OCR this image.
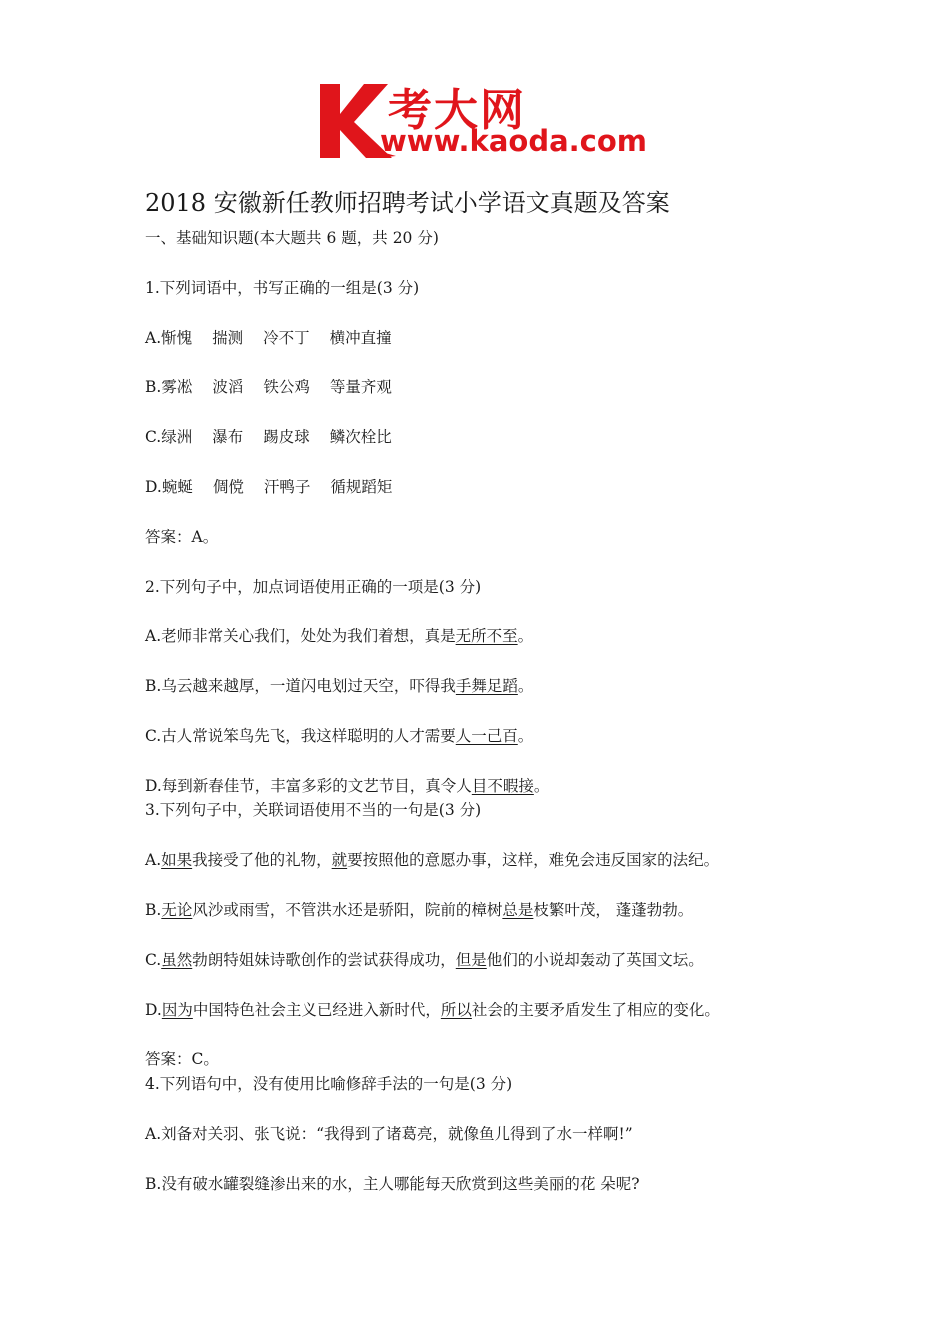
考大网
www.kaoda.com
2018 安徽新任教师招聘考试小学语文真题及答案
一、基础知识题(本大题共 6 题，共 20 分)
1.下列词语中，书写正确的一组是(3 分)
A.惭愧 揣测 冷不丁 横冲直撞
B.雾凇 波滔 铁公鸡 等量齐观
C.绿洲 瀑布 踢皮球 鳞次栓比
D.蜿蜒 倜傥 汗鸭子 循规蹈矩
答案：A。
2.下列句子中，加点词语使用正确的一项是(3 分)
A.老师非常关心我们，处处为我们着想，真是无所不至。
B.乌云越来越厚，一道闪电划过天空，吓得我手舞足蹈。
C.古人常说笨鸟先飞，我这样聪明的人才需要人一己百。
D.每到新春佳节，丰富多彩的文艺节目，真令人目不暇接。
3.下列句子中，关联词语使用不当的一句是(3 分)
A.如果我接受了他的礼物，就要按照他的意愿办事，这样，难免会违反国家的法纪。
B.无论风沙或雨雪，不管洪水还是骄阳，院前的樟树总是枝繁叶茂， 蓬蓬勃勃。
C.虽然勃朗特姐妹诗歌创作的尝试获得成功，但是他们的小说却轰动了英国文坛。
D.因为中国特色社会主义已经进入新时代，所以社会的主要矛盾发生了相应的变化。
答案：C。
4.下列语句中，没有使用比喻修辞手法的一句是(3 分)
A.刘备对关羽、张飞说：“我得到了诸葛亮，就像鱼儿得到了水一样啊!”
B.没有破水罐裂缝渗出来的水，主人哪能每天欣赏到这些美丽的花 朵呢?
